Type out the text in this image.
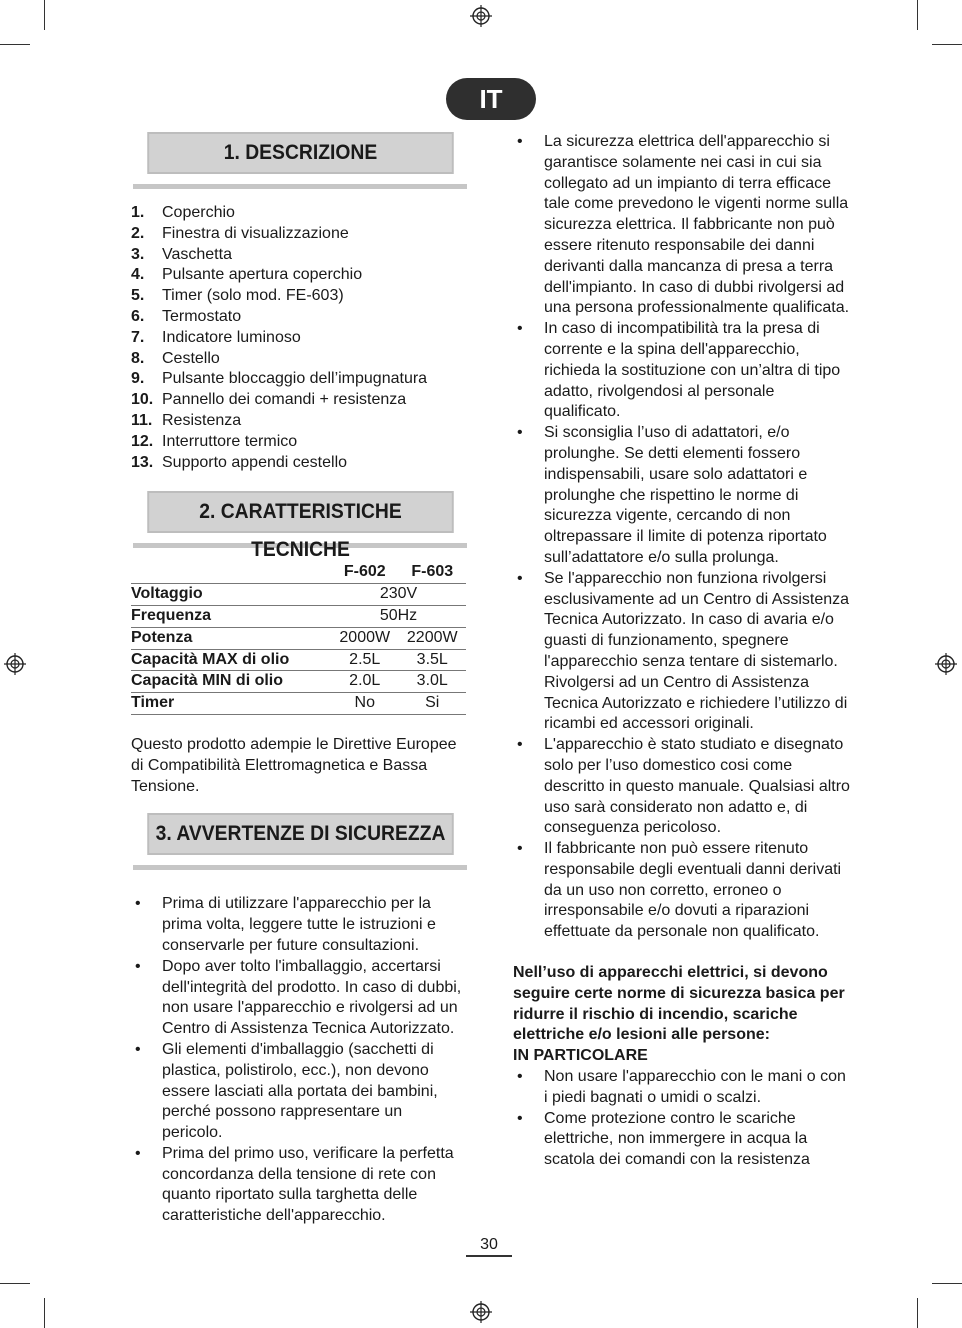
IT
1. DESCRIZIONE
1.	Coperchio
2.	Finestra di visualizzazione
3.	Vaschetta
4.	Pulsante apertura coperchio
5.	Timer (solo mod. FE-603)
6.	Termostato
7.	Indicatore luminoso
8.	Cestello
9.	Pulsante bloccaggio dell’impugnatura
10. Pannello dei comandi + resistenza
11. Resistenza
12. Interruttore termico
13. Supporto appendi cestello
2. CARATTERISTICHE TECNICHE
	F-602	F-603
Voltaggio	230V	
Frequenza	50Hz	
Potenza	2000W	2200W
Capacità MAX di olio	2.5L	3.5L
Capacità MIN di olio	2.0L	3.0L
Timer	No	Si

Questo prodotto adempie le Direttive Europee di Compatibilità Elettromagnetica e Bassa Tensione.

3. AVVERTENZE DI SICUREZZA
• Prima di utilizzare l'apparecchio per la prima volta, leggere tutte le istruzioni e conservarle per future consultazioni.
• Dopo aver tolto l'imballaggio, accertarsi dell'integrità del prodotto. In caso di dubbi, non usare l'apparecchio e rivolgersi ad un Centro di Assistenza Tecnica Autorizzato.
• Gli elementi d'imballaggio (sacchetti di plastica, polistirolo, ecc.), non devono essere lasciati alla portata dei bambini, perché possono rappresentare un pericolo.
• Prima del primo uso, verificare la perfetta concordanza della tensione di rete con quanto riportato sulla targhetta delle caratteristiche dell'apparecchio.
• La sicurezza elettrica dell'apparecchio si garantisce solamente nei casi in cui sia collegato ad un impianto di terra efficace tale come prevedono le vigenti norme sulla sicurezza elettrica. Il fabbricante non può essere ritenuto responsabile dei danni derivanti dalla mancanza di presa a terra dell'impianto. In caso di dubbi rivolgersi ad una persona professionalmente qualificata.
• In caso di incompatibilità tra la presa di corrente e la spina dell'apparecchio, richieda la sostituzione con un’altra di tipo adatto, rivolgendosi al personale qualificato.
• Si sconsiglia l’uso di adattatori, e/o prolunghe. Se detti elementi fossero indispensabili, usare solo adattatori e prolunghe che rispettino le norme di sicurezza vigente, cercando di non oltrepassare il limite di potenza riportato sull’adattatore e/o sulla prolunga.
• Se l'apparecchio non funziona rivolgersi esclusivamente ad un Centro di Assistenza Tecnica Autorizzato. In caso di avaria e/o guasti di funzionamento, spegnere l'apparecchio senza tentare di sistemarlo. Rivolgersi ad un Centro di Assistenza Tecnica Autorizzato e richiedere l’utilizzo di ricambi ed accessori originali.
• L'apparecchio è stato studiato e disegnato solo per l’uso domestico cosi come descritto in questo manuale. Qualsiasi altro uso sarà considerato non adatto e, di conseguenza pericoloso.
• Il fabbricante non può essere ritenuto responsabile degli eventuali danni derivati da un uso non corretto, erroneo o irresponsabile e/o dovuti a riparazioni effettuate da personale non qualificato.

Nell’uso di apparecchi elettrici, si devono seguire certe norme di sicurezza basica per ridurre il rischio di incendio, scariche elettriche e/o lesioni alle persone:

IN PARTICOLARE
• Non usare l'apparecchio con le mani o con i piedi bagnati o umidi o scalzi.
• Come protezione contro le scariche elettriche, non immergere in acqua la scatola dei comandi con la resistenza
30
